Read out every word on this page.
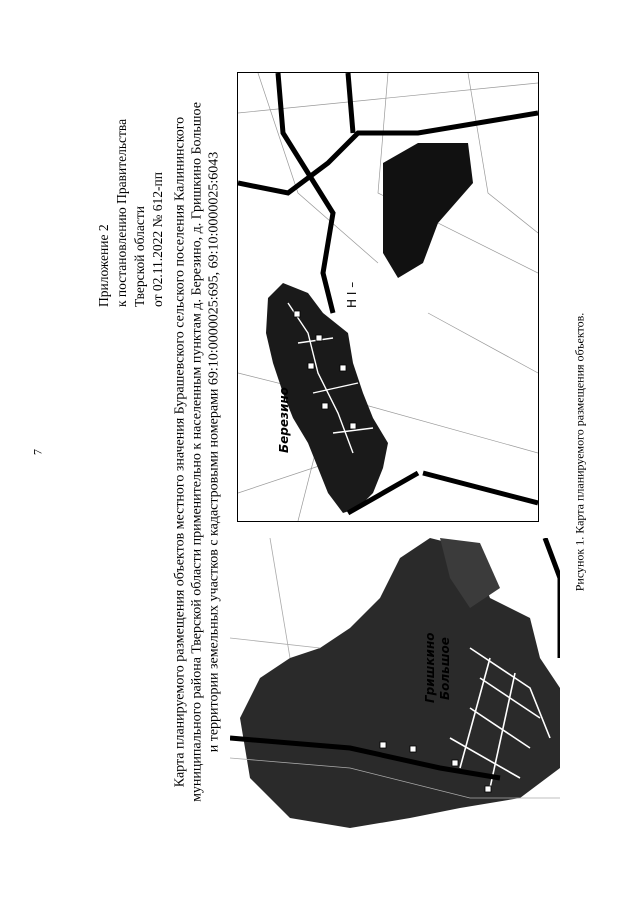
7
Приложение 2 к постановлению Правительства Тверской области от 02.11.2022 № 612-пп Карта планируемого размещения объектов местного значения Бурашевского сельского поселения Калининского муниципального района Тверской области применительно к населенным пунктам д. Березино, д. Гришкино Большое и территории земельных участков с кадастровыми номерами 69:10:0000025:695, 69:10:0000025:6043	Березино
Н I –
Гришкино Большое
Рисунок 1. Карта планируемого размещения объектов.
